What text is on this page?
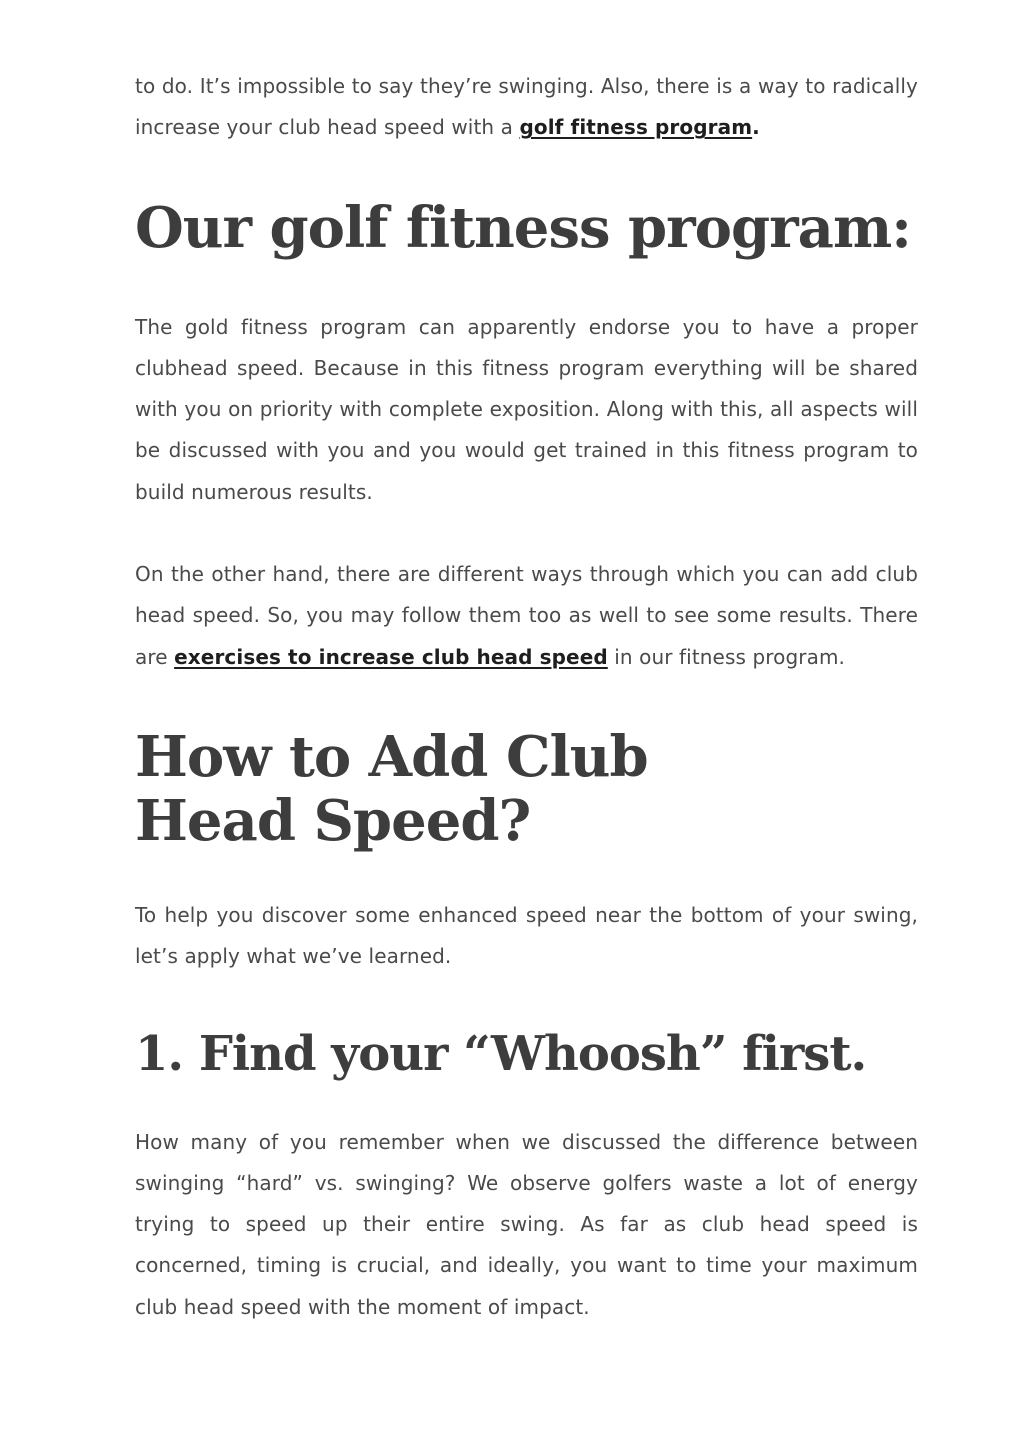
to do. It’s impossible to say they’re swinging. Also, there is a way to radically increase your club head speed with a golf fitness program.

Our golf fitness program:

The gold fitness program can apparently endorse you to have a proper clubhead speed. Because in this fitness program everything will be shared with you on priority with complete exposition. Along with this, all aspects will be discussed with you and you would get trained in this fitness program to build numerous results.

On the other hand, there are different ways through which you can add club head speed. So, you may follow them too as well to see some results. There are exercises to increase club head speed in our fitness program.

How to Add Club Head Speed?

To help you discover some enhanced speed near the bottom of your swing, let’s apply what we’ve learned.

1. Find your “Whoosh” first.

How many of you remember when we discussed the difference between swinging “hard” vs. swinging? We observe golfers waste a lot of energy trying to speed up their entire swing. As far as club head speed is concerned, timing is crucial, and ideally, you want to time your maximum club head speed with the moment of impact.
